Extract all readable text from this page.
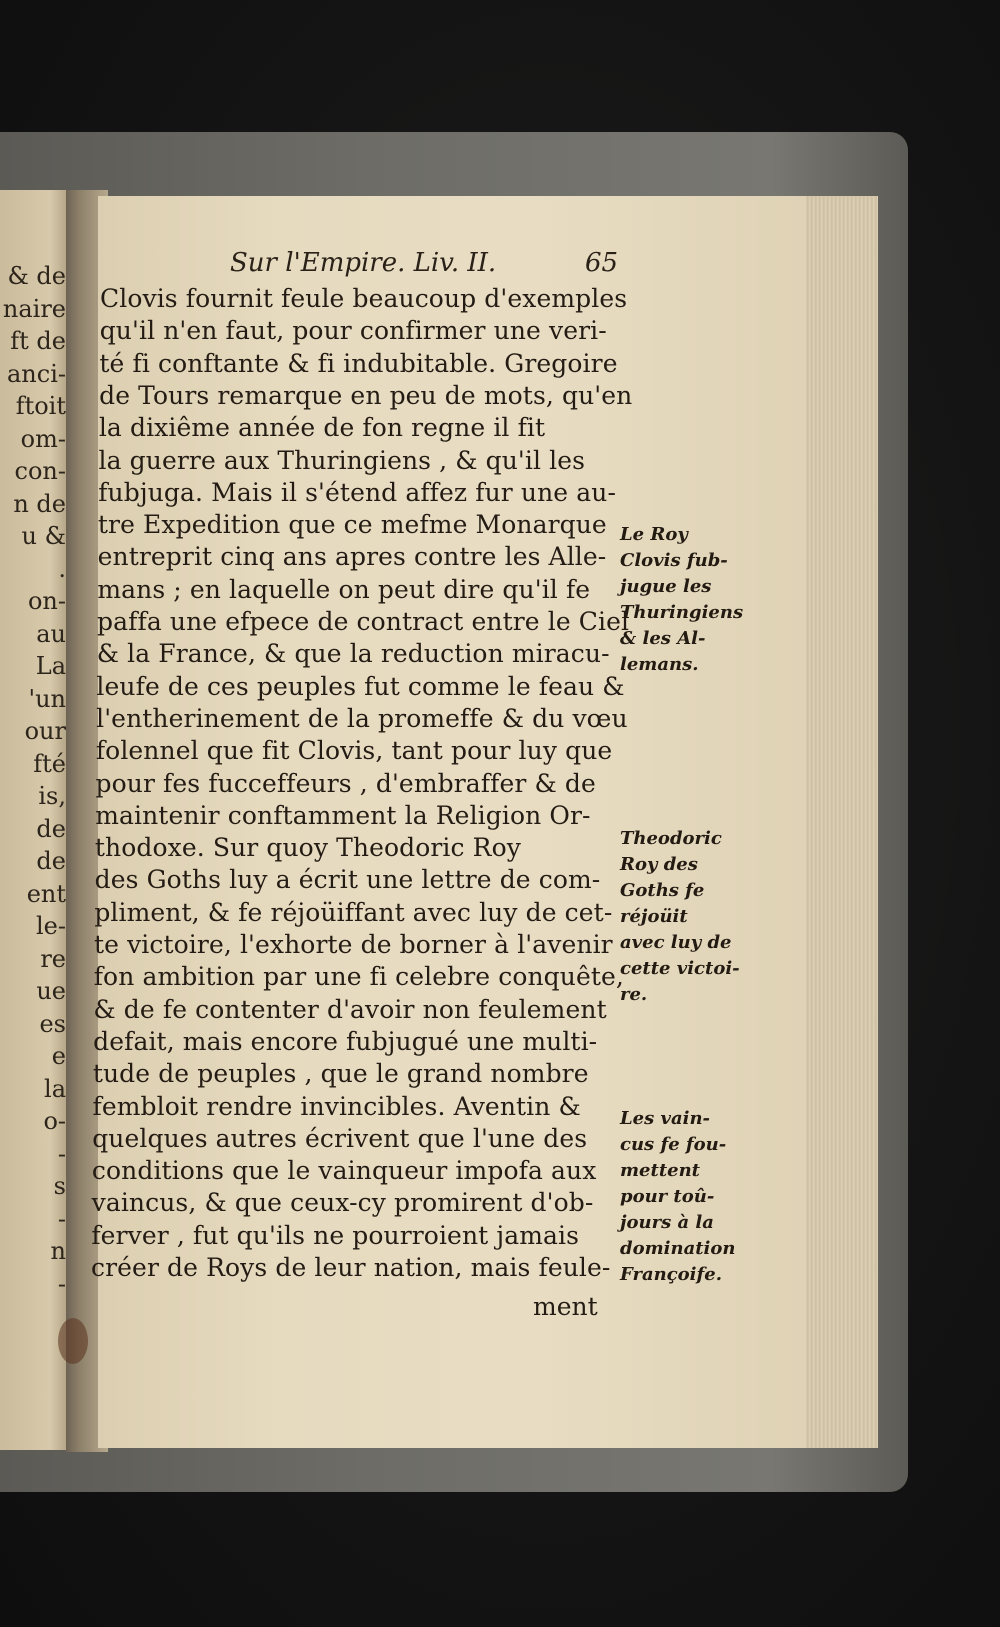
& de
naire
ft de
anci-
ftoit
om-
con-
n de
u &
.
on-
au
La
'un
our
fté
is,
de
de
ent
le-
re
ue
es
e
la
o-
-
s
-
n
-
Sur l'Empire. Liv. II.	65
Clovis fournit feule beaucoup d'exemples
qu'il n'en faut, pour confirmer une veri-
té fi conftante & fi indubitable. Gregoire
de Tours remarque en peu de mots, qu'en
la dixiême année de fon regne il fit
la guerre aux Thuringiens , & qu'il les
fubjuga. Mais il s'étend affez fur une au-
tre Expedition que ce mefme Monarque
entreprit cinq ans apres contre les Alle-
mans ; en laquelle on peut dire qu'il fe
paffa une efpece de contract entre le Ciel
& la France, & que la reduction miracu-
leufe de ces peuples fut comme le feau &
l'entherinement de la promeffe & du vœu
folennel que fit Clovis, tant pour luy que
pour fes fucceffeurs , d'embraffer & de
maintenir conftamment la Religion Or-
thodoxe. Sur quoy Theodoric Roy
des Goths luy a écrit une lettre de com-
pliment, & fe réjoüiffant avec luy de cet-
te victoire, l'exhorte de borner à l'avenir
fon ambition par une fi celebre conquête,
& de fe contenter d'avoir non feulement
defait, mais encore fubjugué une multi-
tude de peuples , que le grand nombre
fembloit rendre invincibles. Aventin &
quelques autres écrivent que l'une des
conditions que le vainqueur impofa aux
vaincus, & que ceux-cy promirent d'ob-
ferver , fut qu'ils ne pourroient jamais
créer de Roys de leur nation, mais feule-
ment
Le Roy
Clovis fub-
jugue les
Thuringiens
& les Al-
lemans.
Theodoric
Roy des
Goths fe
réjoüit
avec luy de
cette victoi-
re.
Les vain-
cus fe fou-
mettent
pour toû-
jours à la
domination
Françoife.
